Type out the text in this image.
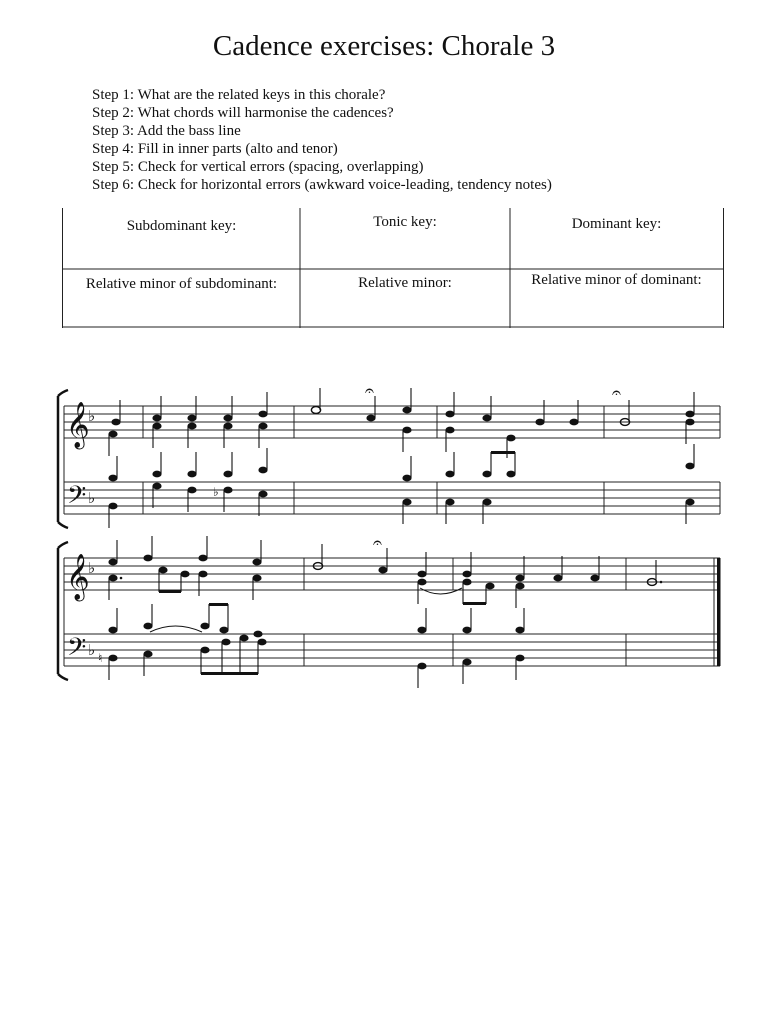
Cadence exercises: Chorale 3
Step 1: What are the related keys in this chorale?
Step 2: What chords will harmonise the cadences?
Step 3: Add the bass line
Step 4: Fill in inner parts (alto and tenor)
Step 5: Check for vertical errors (spacing, overlapping)
Step 6: Check for horizontal errors (awkward voice-leading, tendency notes)
Subdominant key:	Tonic key:	Dominant key:
Relative minor of subdominant:	Relative minor:	Relative minor of dominant:
𝄞
𝄢
♭
♭
𝄐	𝄐
♭
𝄞
𝄢
♭
♭
𝄐
♮
